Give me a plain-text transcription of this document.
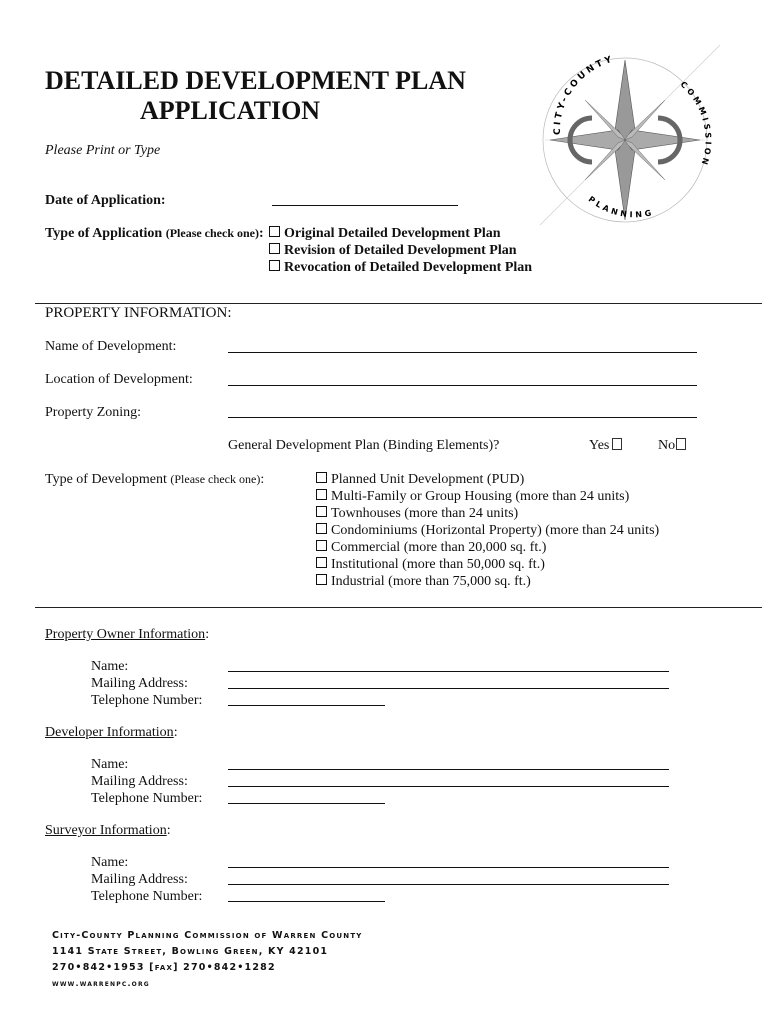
DETAILED DEVELOPMENT PLAN
APPLICATION
Please Print or Type
Date of Application:
Type of Application (Please check one):	Original Detailed Development Plan
Revision of Detailed Development Plan
Revocation of Detailed Development Plan
CITY-COUNTY
COMMISSION
PLANNING
PROPERTY INFORMATION:
Name of Development:
Location of Development:
Property Zoning:
General Development Plan (Binding Elements)?	Yes	No
Type of Development (Please check one):	Planned Unit Development (PUD)
Multi-Family or Group Housing (more than 24 units)
Townhouses (more than 24 units)
Condominiums (Horizontal Property) (more than 24 units)
Commercial (more than 20,000 sq. ft.)
Institutional (more than 50,000 sq. ft.)
Industrial (more than 75,000 sq. ft.)
Property Owner Information:
Name:
Mailing Address:
Telephone Number:
Developer Information:
Name:
Mailing Address:
Telephone Number:
Surveyor Information:
Name:
Mailing Address:
Telephone Number:
City-County Planning Commission of Warren County
1141 State Street, Bowling Green, KY 42101
270•842•1953 [fax] 270•842•1282
www.warrenpc.org
